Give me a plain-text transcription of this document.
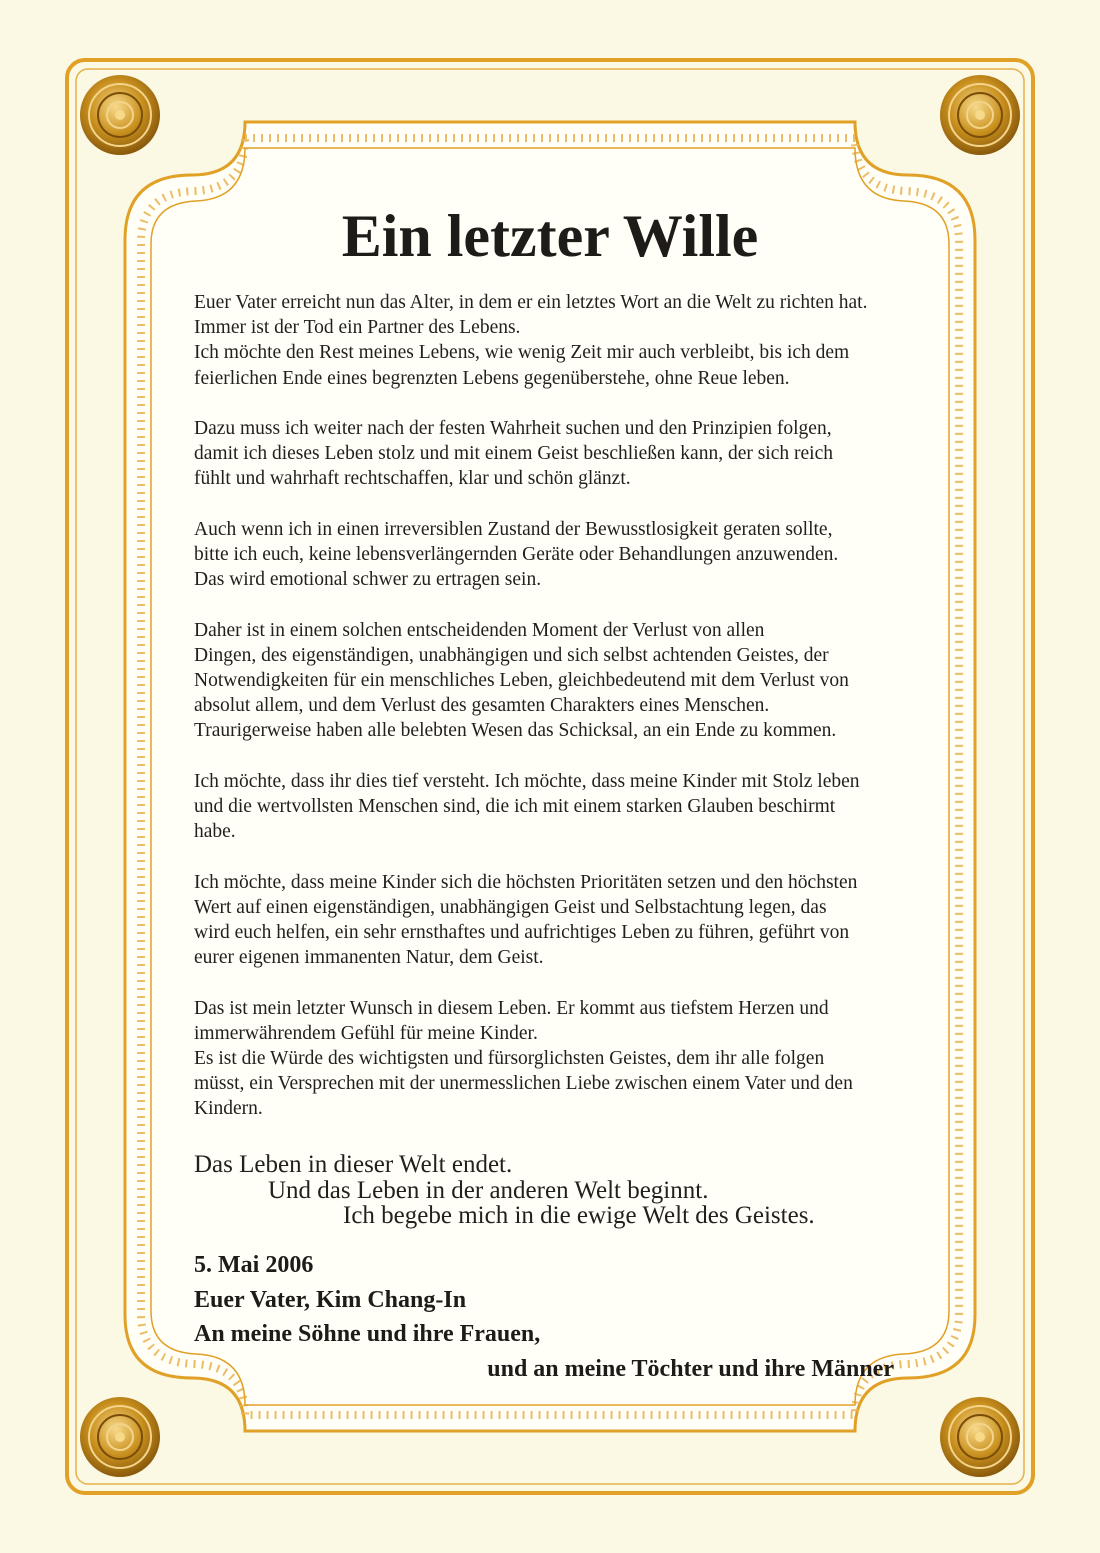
Ein letzter Wille

Euer Vater erreicht nun das Alter, in dem er ein letztes Wort an die Welt zu richten hat.
Immer ist der Tod ein Partner des Lebens.
Ich möchte den Rest meines Lebens, wie wenig Zeit mir auch verbleibt, bis ich dem
feierlichen Ende eines begrenzten Lebens gegenüberstehe, ohne Reue leben.

Dazu muss ich weiter nach der festen Wahrheit suchen und den Prinzipien folgen,
damit ich dieses Leben stolz und mit einem Geist beschließen kann, der sich reich
fühlt und wahrhaft rechtschaffen, klar und schön glänzt.

Auch wenn ich in einen irreversiblen Zustand der Bewusstlosigkeit geraten sollte,
bitte ich euch, keine lebensverlängernden Geräte oder Behandlungen anzuwenden.
Das wird emotional schwer zu ertragen sein.

Daher ist in einem solchen entscheidenden Moment der Verlust von allen
Dingen, des eigenständigen, unabhängigen und sich selbst achtenden Geistes, der
Notwendigkeiten für ein menschliches Leben, gleichbedeutend mit dem Verlust von
absolut allem, und dem Verlust des gesamten Charakters eines Menschen.
Traurigerweise haben alle belebten Wesen das Schicksal, an ein Ende zu kommen.

Ich möchte, dass ihr dies tief versteht. Ich möchte, dass meine Kinder mit Stolz leben
und die wertvollsten Menschen sind, die ich mit einem starken Glauben beschirmt
habe.

Ich möchte, dass meine Kinder sich die höchsten Prioritäten setzen und den höchsten
Wert auf einen eigenständigen, unabhängigen Geist und Selbstachtung legen, das
wird euch helfen, ein sehr ernsthaftes und aufrichtiges Leben zu führen, geführt von
eurer eigenen immanenten Natur, dem Geist.

Das ist mein letzter Wunsch in diesem Leben. Er kommt aus tiefstem Herzen und
immerwährendem Gefühl für meine Kinder.
Es ist die Würde des wichtigsten und fürsorglichsten Geistes, dem ihr alle folgen
müsst, ein Versprechen mit der unermesslichen Liebe zwischen einem Vater und den
Kindern.

Das Leben in dieser Welt endet.
Und das Leben in der anderen Welt beginnt.
Ich begebe mich in die ewige Welt des Geistes.
5. Mai 2006
Euer Vater, Kim Chang-In
An meine Söhne und ihre Frauen,
und an meine Töchter und ihre Männer
